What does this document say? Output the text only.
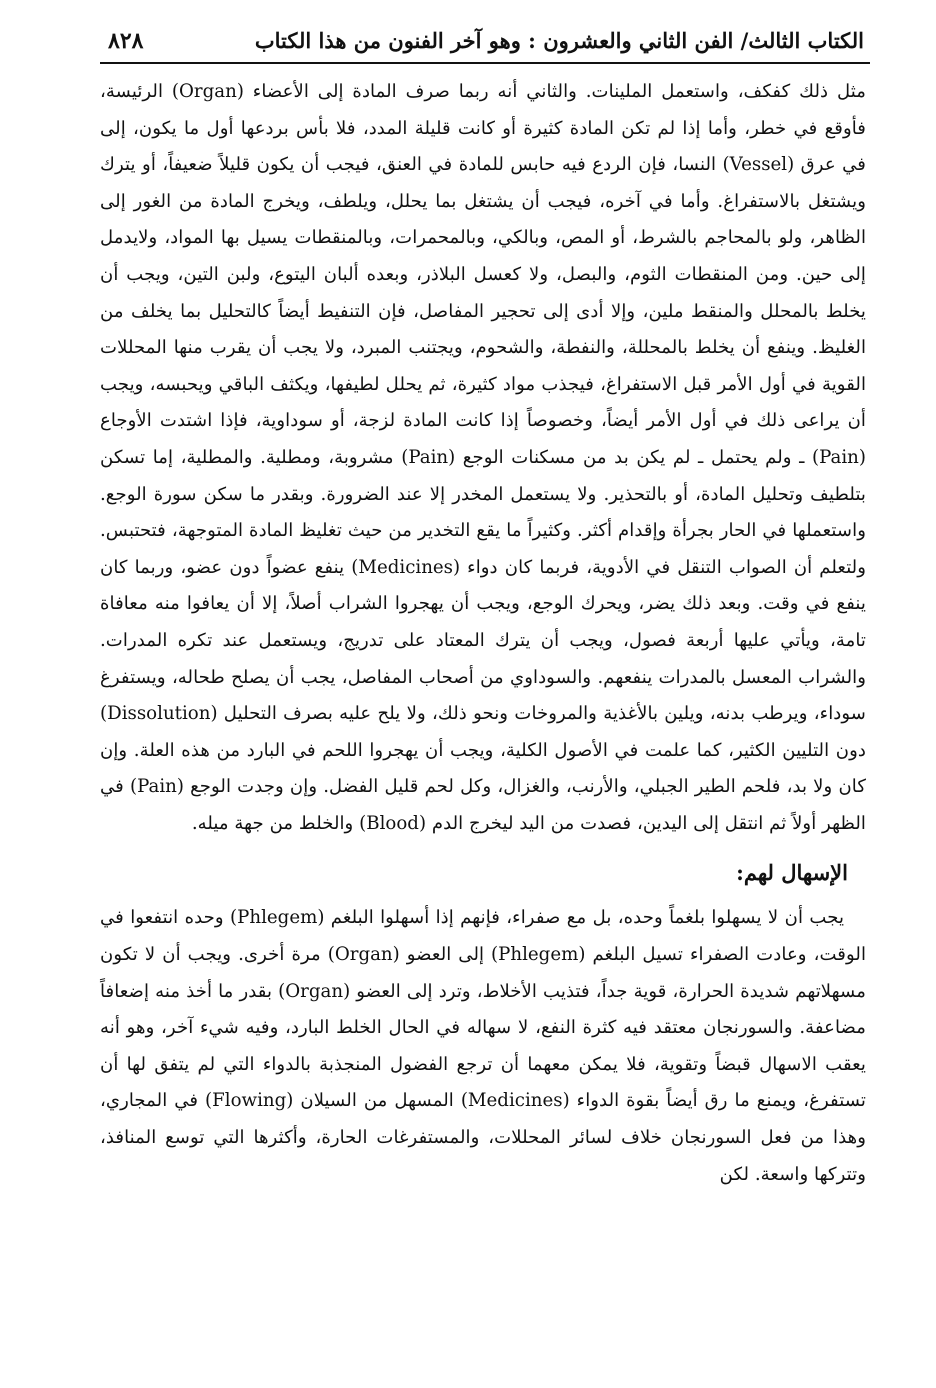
الكتاب الثالث/ الفن الثاني والعشرون : وهو آخر الفنون من هذا الكتاب
٨٢٨

مثل ذلك كفكف، واستعمل الملينات. والثاني أنه ربما صرف المادة إلى الأعضاء (Organ) الرئيسة، فأوقع في خطر، وأما إذا لم تكن المادة كثيرة أو كانت قليلة المدد، فلا بأس بردعها أول ما يكون، إلى في عرق (Vessel) النسا، فإن الردع فيه حابس للمادة في العنق، فيجب أن يكون قليلاً ضعيفاً، أو يترك ويشتغل بالاستفراغ. وأما في آخره، فيجب أن يشتغل بما يحلل، ويلطف، ويخرج المادة من الغور إلى الظاهر، ولو بالمحاجم بالشرط، أو المص، وبالكي، وبالمحمرات، وبالمنقطات يسيل بها المواد، ولايدمل إلى حين. ومن المنقطات الثوم، والبصل، ولا كعسل البلاذر، وبعده ألبان اليتوع، ولبن التين، ويجب أن يخلط بالمحلل والمنقط ملين، وإلا أدى إلى تحجير المفاصل، فإن التنفيط أيضاً كالتحليل بما يخلف من الغليظ. وينفع أن يخلط بالمحللة، والنفطة، والشحوم، ويجتنب المبرد، ولا يجب أن يقرب منها المحللات القوية في أول الأمر قبل الاستفراغ، فيجذب مواد كثيرة، ثم يحلل لطيفها، ويكثف الباقي ويحبسه، ويجب أن يراعى ذلك في أول الأمر أيضاً، وخصوصاً إذا كانت المادة لزجة، أو سوداوية، فإذا اشتدت الأوجاع (Pain) ـ ولم يحتمل ـ لم يكن بد من مسكنات الوجع (Pain) مشروبة، ومطلية. والمطلية، إما تسكن بتلطيف وتحليل المادة، أو بالتحذير. ولا يستعمل المخدر إلا عند الضرورة. وبقدر ما سكن سورة الوجع. واستعملها في الحار بجرأة وإقدام أكثر. وكثيراً ما يقع التخدير من حيث تغليظ المادة المتوجهة، فتحتبس. ولتعلم أن الصواب التنقل في الأدوية، فربما كان دواء (Medicines) ينفع عضواً دون عضو، وربما كان ينفع في وقت. وبعد ذلك يضر، ويحرك الوجع، ويجب أن يهجروا الشراب أصلاً، إلا أن يعافوا منه معافاة تامة، ويأتي عليها أربعة فصول، ويجب أن يترك المعتاد على تدريج، ويستعمل عند تكره المدرات. والشراب المعسل بالمدرات ينفعهم. والسوداوي من أصحاب المفاصل، يجب أن يصلح طحاله، ويستفرغ سوداء، ويرطب بدنه، ويلين بالأغذية والمروخات ونحو ذلك، ولا يلح عليه بصرف التحليل (Dissolution) دون التليين الكثير، كما علمت في الأصول الكلية، ويجب أن يهجروا اللحم في البارد من هذه العلة. وإن كان ولا بد، فلحم الطير الجبلي، والأرنب، والغزال، وكل لحم قليل الفضل. وإن وجدت الوجع (Pain) في الظهر أولاً ثم انتقل إلى اليدين، فصدت من اليد ليخرج الدم (Blood) والخلط من جهة ميله.

الإسهال لهم:

يجب أن لا يسهلوا بلغماً وحده، بل مع صفراء، فإنهم إذا أسهلوا البلغم (Phlegem) وحده انتفعوا في الوقت، وعادت الصفراء تسيل البلغم (Phlegem) إلى العضو (Organ) مرة أخرى. ويجب أن لا تكون مسهلاتهم شديدة الحرارة، قوية جداً، فتذيب الأخلاط، وترد إلى العضو (Organ) بقدر ما أخذ منه إضعافاً مضاعفة. والسورنجان معتقد فيه كثرة النفع، لا سهاله في الحال الخلط البارد، وفيه شيء آخر، وهو أنه يعقب الاسهال قبضاً وتقوية، فلا يمكن معهما أن ترجع الفضول المنجذبة بالدواء التي لم يتفق لها أن تستفرغ، ويمنع ما رق أيضاً بقوة الدواء (Medicines) المسهل من السيلان (Flowing) في المجاري، وهذا من فعل السورنجان خلاف لسائر المحللات، والمستفرغات الحارة، وأكثرها التي توسع المنافذ، وتتركها واسعة. لكن
